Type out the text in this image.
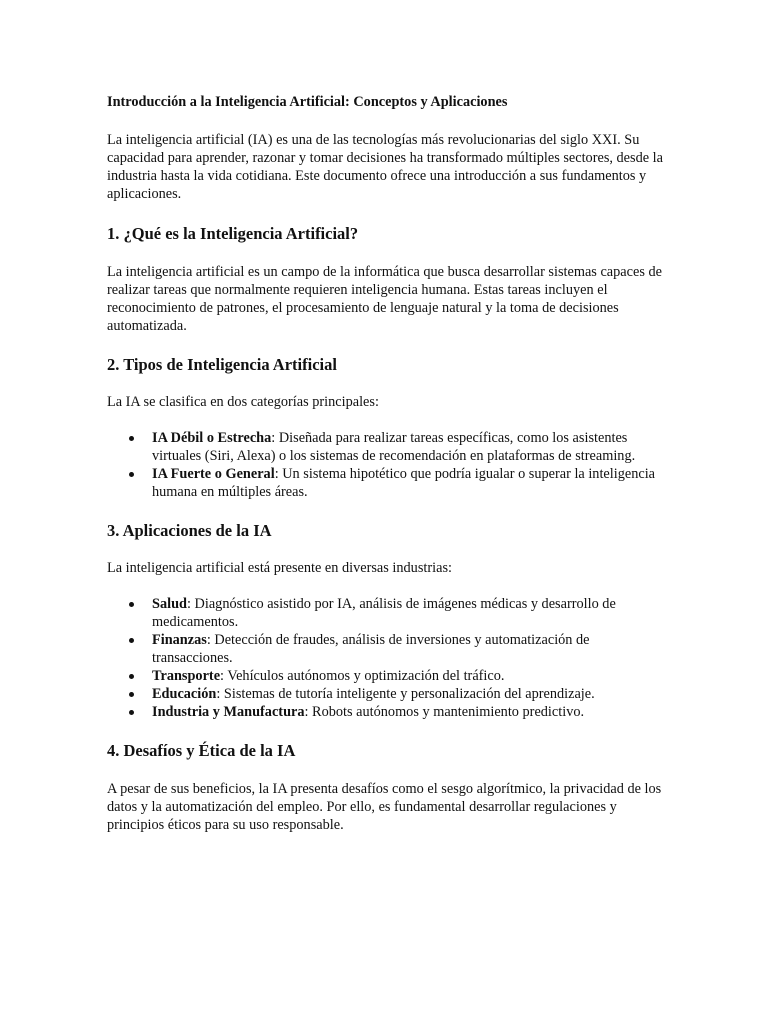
Introducción a la Inteligencia Artificial: Conceptos y Aplicaciones

La inteligencia artificial (IA) es una de las tecnologías más revolucionarias del siglo XXI. Su capacidad para aprender, razonar y tomar decisiones ha transformado múltiples sectores, desde la industria hasta la vida cotidiana. Este documento ofrece una introducción a sus fundamentos y aplicaciones.

1. ¿Qué es la Inteligencia Artificial?

La inteligencia artificial es un campo de la informática que busca desarrollar sistemas capaces de realizar tareas que normalmente requieren inteligencia humana. Estas tareas incluyen el reconocimiento de patrones, el procesamiento de lenguaje natural y la toma de decisiones automatizada.

2. Tipos de Inteligencia Artificial

La IA se clasifica en dos categorías principales:

IA Débil o Estrecha: Diseñada para realizar tareas específicas, como los asistentes virtuales (Siri, Alexa) o los sistemas de recomendación en plataformas de streaming.
IA Fuerte o General: Un sistema hipotético que podría igualar o superar la inteligencia humana en múltiples áreas.
3. Aplicaciones de la IA

La inteligencia artificial está presente en diversas industrias:

Salud: Diagnóstico asistido por IA, análisis de imágenes médicas y desarrollo de medicamentos.
Finanzas: Detección de fraudes, análisis de inversiones y automatización de transacciones.
Transporte: Vehículos autónomos y optimización del tráfico.
Educación: Sistemas de tutoría inteligente y personalización del aprendizaje.
Industria y Manufactura: Robots autónomos y mantenimiento predictivo.
4. Desafíos y Ética de la IA

A pesar de sus beneficios, la IA presenta desafíos como el sesgo algorítmico, la privacidad de los datos y la automatización del empleo. Por ello, es fundamental desarrollar regulaciones y principios éticos para su uso responsable.
